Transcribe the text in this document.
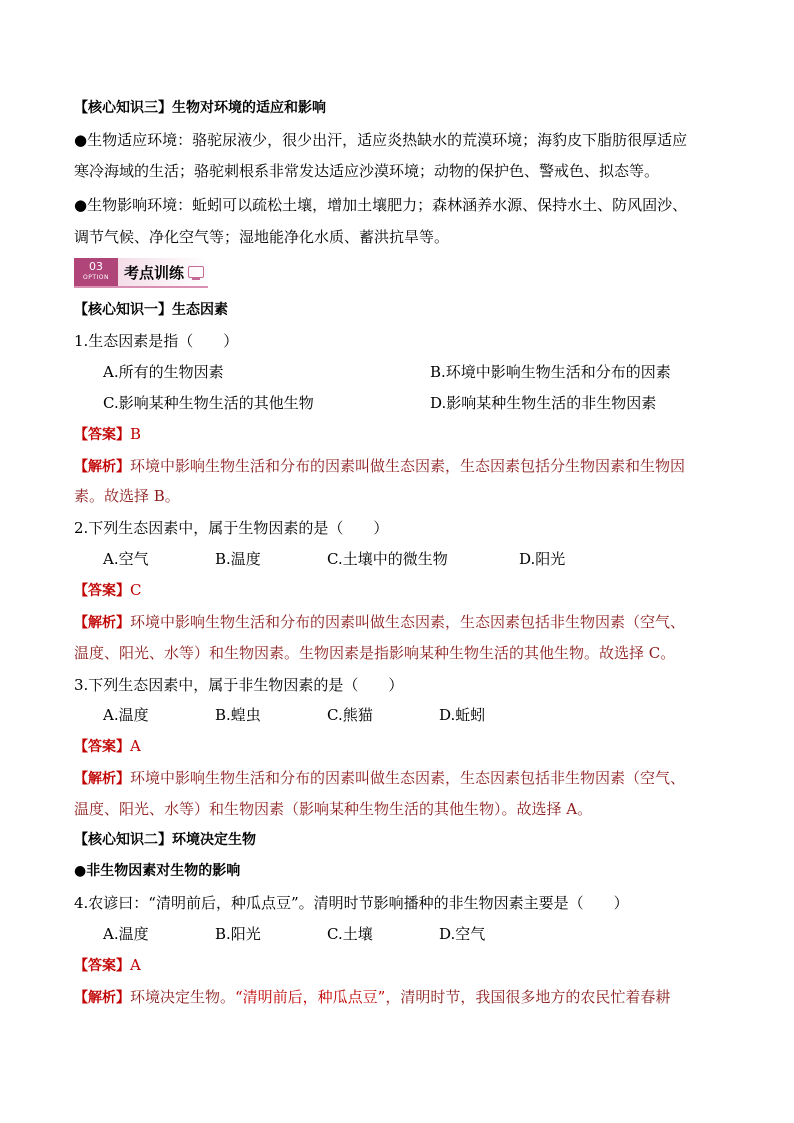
【核心知识三】生物对环境的适应和影响
●生物适应环境：骆驼尿液少，很少出汗，适应炎热缺水的荒漠环境；海豹皮下脂肪很厚适应
寒冷海域的生活；骆驼刺根系非常发达适应沙漠环境；动物的保护色、警戒色、拟态等。
●生物影响环境：蚯蚓可以疏松土壤，增加土壤肥力；森林涵养水源、保持水土、防风固沙、
调节气候、净化空气等；湿地能净化水质、蓄洪抗旱等。
03
OPTION	考点训练
【核心知识一】生态因素
1.生态因素是指（　　）
A.所有的生物因素	B.环境中影响生物生活和分布的因素
C.影响某种生物生活的其他生物	D.影响某种生物生活的非生物因素
【答案】B
【解析】环境中影响生物生活和分布的因素叫做生态因素，生态因素包括分生物因素和生物因
素。故选择 B。
2.下列生态因素中，属于生物因素的是（　　）
A.空气	B.温度	C.土壤中的微生物	D.阳光
【答案】C
【解析】环境中影响生物生活和分布的因素叫做生态因素，生态因素包括非生物因素（空气、
温度、阳光、水等）和生物因素。生物因素是指影响某种生物生活的其他生物。故选择 C。
3.下列生态因素中，属于非生物因素的是（　　）
A.温度	B.蝗虫	C.熊猫	D.蚯蚓
【答案】A
【解析】环境中影响生物生活和分布的因素叫做生态因素，生态因素包括非生物因素（空气、
温度、阳光、水等）和生物因素（影响某种生物生活的其他生物）。故选择 A。
【核心知识二】环境决定生物
●非生物因素对生物的影响
4.农谚曰：“清明前后，种瓜点豆”。清明时节影响播种的非生物因素主要是（　　）
A.温度	B.阳光	C.土壤	D.空气
【答案】A
【解析】环境决定生物。“清明前后，种瓜点豆”，清明时节，我国很多地方的农民忙着春耕
